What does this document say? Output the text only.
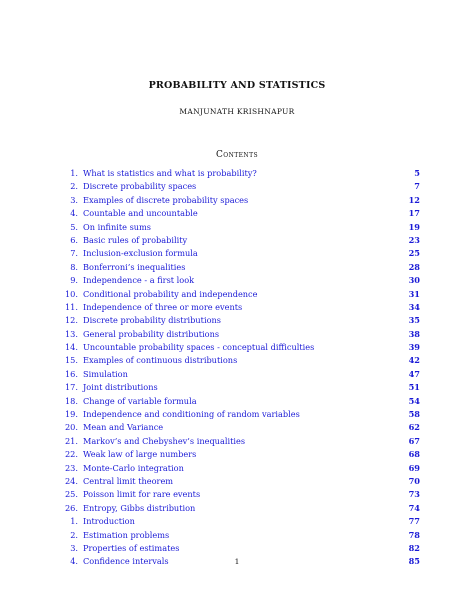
PROBABILITY AND STATISTICS
MANJUNATH KRISHNAPUR
Contents
1. What is statistics and what is probability?	5
2. Discrete probability spaces	7
3. Examples of discrete probability spaces	12
4. Countable and uncountable	17
5. On infinite sums	19
6. Basic rules of probability	23
7. Inclusion-exclusion formula	25
8. Bonferroni’s inequalities	28
9. Independence - a first look	30
10. Conditional probability and independence	31
11. Independence of three or more events	34
12. Discrete probability distributions	35
13. General probability distributions	38
14. Uncountable probability spaces - conceptual difficulties	39
15. Examples of continuous distributions	42
16. Simulation	47
17. Joint distributions	51
18. Change of variable formula	54
19. Independence and conditioning of random variables	58
20. Mean and Variance	62
21. Markov’s and Chebyshev’s inequalities	67
22. Weak law of large numbers	68
23. Monte-Carlo integration	69
24. Central limit theorem	70
25. Poisson limit for rare events	73
26. Entropy, Gibbs distribution	74
1. Introduction	77
2. Estimation problems	78
3. Properties of estimates	82
4. Confidence intervals	85
1
